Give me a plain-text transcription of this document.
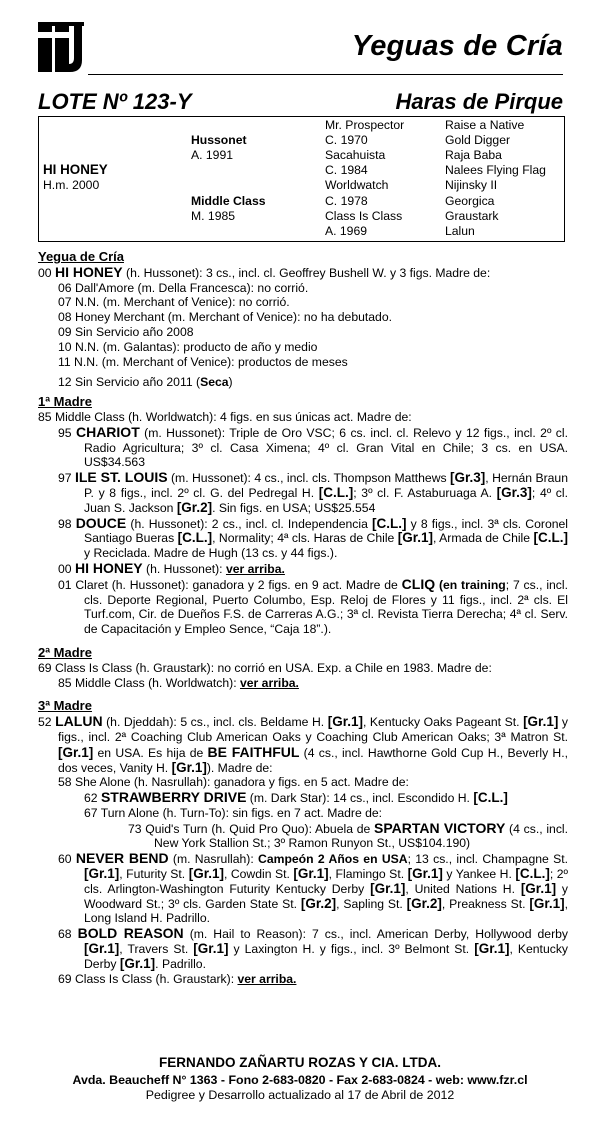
Yeguas de Cría
LOTE Nº 123-Y	Haras de Pirque
HI HONEY
H.m. 2000
Hussonet
A. 1991
Middle Class
M. 1985
Mr. Prospector
C. 1970
Sacahuista
C. 1984
Worldwatch
C. 1978
Class Is Class
A. 1969
Raise a Native
Gold Digger
Raja Baba
Nalees Flying Flag
Nijinsky II
Georgica
Graustark
Lalun
Yegua de Cría
00 HI HONEY (h. Hussonet): 3 cs., incl. cl. Geoffrey Bushell W. y 3 figs. Madre de:
06 Dall'Amore (m. Della Francesca): no corrió.
07 N.N. (m. Merchant of Venice): no corrió.
08 Honey Merchant (m. Merchant of Venice): no ha debutado.
09 Sin Servicio año 2008
10 N.N. (m. Galantas): producto de año y medio
11 N.N. (m. Merchant of Venice): productos de meses
12 Sin Servicio año 2011 (Seca)
1ª Madre
85 Middle Class (h. Worldwatch): 4 figs. en sus únicas act. Madre de:
95 CHARIOT (m. Hussonet): Triple de Oro VSC; 6 cs. incl. cl. Relevo y 12 figs., incl. 2º cl. Radio Agricultura; 3º cl. Casa Ximena; 4º cl. Gran Vital en Chile; 3 cs. en USA. US$34.563
97 ILE ST. LOUIS (m. Hussonet): 4 cs., incl. cls. Thompson Matthews [Gr.3], Hernán Braun P. y 8 figs., incl. 2º cl. G. del Pedregal H. [C.L.]; 3º cl. F. Astaburuaga A. [Gr.3]; 4º cl. Juan S. Jackson [Gr.2]. Sin figs. en USA; US$25.554
98 DOUCE (h. Hussonet): 2 cs., incl. cl. Independencia [C.L.] y 8 figs., incl. 3ª cls. Coronel Santiago Bueras [C.L.], Normality; 4ª cls. Haras de Chile [Gr.1], Armada de Chile [C.L.] y Reciclada. Madre de Hugh (13 cs. y 44 figs.).
00 HI HONEY (h. Hussonet): ver arriba.
01 Claret (h. Hussonet): ganadora y 2 figs. en 9 act. Madre de CLIQ (en training; 7 cs., incl. cls. Deporte Regional, Puerto Columbo, Esp. Reloj de Flores y 11 figs., incl. 2ª cls. El Turf.com, Cir. de Dueños F.S. de Carreras A.G.; 3ª cl. Revista Tierra Derecha; 4ª cl. Serv. de Capacitación y Empleo Sence, “Caja 18”.).
2ª Madre
69 Class Is Class (h. Graustark): no corrió en USA. Exp. a Chile en 1983. Madre de:
85 Middle Class (h. Worldwatch): ver arriba.
3ª Madre
52 LALUN (h. Djeddah): 5 cs., incl. cls. Beldame H. [Gr.1], Kentucky Oaks Pageant St. [Gr.1] y figs., incl. 2ª Coaching Club American Oaks y Coaching Club American Oaks; 3ª Matron St. [Gr.1] en USA. Es hija de BE FAITHFUL (4 cs., incl. Hawthorne Gold Cup H., Beverly H., dos veces, Vanity H. [Gr.1]). Madre de:
58 She Alone (h. Nasrullah): ganadora y figs. en 5 act. Madre de:
62 STRAWBERRY DRIVE (m. Dark Star): 14 cs., incl. Escondido H. [C.L.]
67 Turn Alone (h. Turn-To): sin figs. en 7 act. Madre de:
73 Quid's Turn (h. Quid Pro Quo): Abuela de SPARTAN VICTORY (4 cs., incl. New York Stallion St.; 3º Ramon Runyon St., US$104.190)
60 NEVER BEND (m. Nasrullah): Campeón 2 Años en USA; 13 cs., incl. Champagne St. [Gr.1], Futurity St. [Gr.1], Cowdin St. [Gr.1], Flamingo St. [Gr.1] y Yankee H. [C.L.]; 2º cls. Arlington-Washington Futurity Kentucky Derby [Gr.1], United Nations H. [Gr.1] y Woodward St.; 3º cls. Garden State St. [Gr.2], Sapling St. [Gr.2], Preakness St. [Gr.1], Long Island H. Padrillo.
68 BOLD REASON (m. Hail to Reason): 7 cs., incl. American Derby, Hollywood derby [Gr.1], Travers St. [Gr.1] y Laxington H. y figs., incl. 3º Belmont St. [Gr.1], Kentucky Derby [Gr.1]. Padrillo.
69 Class Is Class (h. Graustark): ver arriba.
FERNANDO ZAÑARTU ROZAS Y CIA. LTDA.
Avda. Beaucheff N° 1363 - Fono 2-683-0820 - Fax 2-683-0824 - web: www.fzr.cl
Pedigree y Desarrollo actualizado al 17 de Abril de 2012
